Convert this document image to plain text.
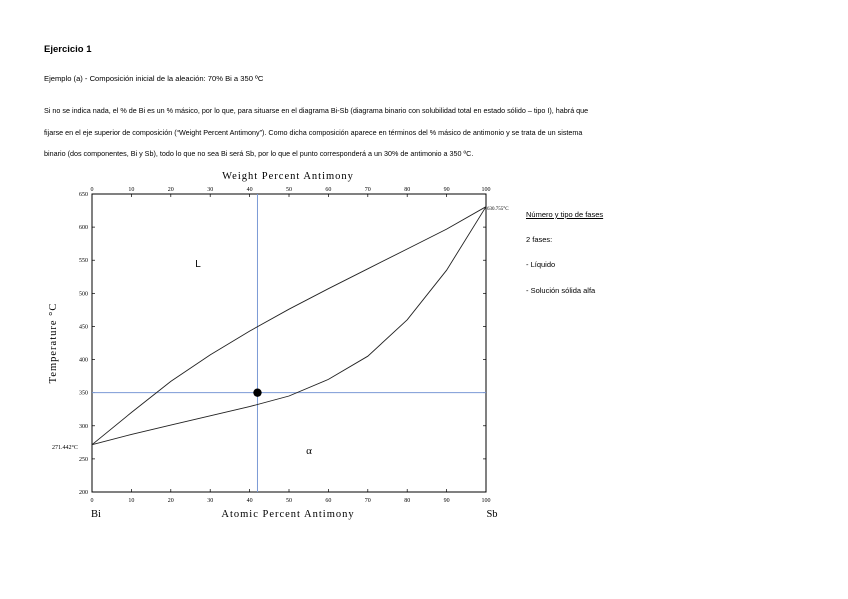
Ejercicio 1
Ejemplo (a) - Composición inicial de la aleación: 70% Bi a 350 ºC

Si no se indica nada, el % de Bi es un % másico, por lo que, para situarse en el diagrama Bi-Sb (diagrama binario con solubilidad total en estado sólido – tipo I), habrá que

fijarse en el eje superior de composición (“Weight Percent Antimony”). Como dicha composición aparece en términos del % másico de antimonio y se trata de un sistema

binario (dos componentes, Bi y Sb), todo lo que no sea Bi será Sb, por lo que el punto corresponderá a un 30% de antimonio a 350 ºC.

Número y tipo de fases
2 fases:
- Líquido
- Solución sólida alfa
Weight Percent Antimony
Atomic Percent Antimony
Temperature °C
Bi	Sb
271.442°C
630.755°C
L
α
0	10	20	30	40	50	60	70	80	90	100
0	10	20	30	40	50	60	70	80	90	100
650
600
550
500
450
400
350
300
250
200
